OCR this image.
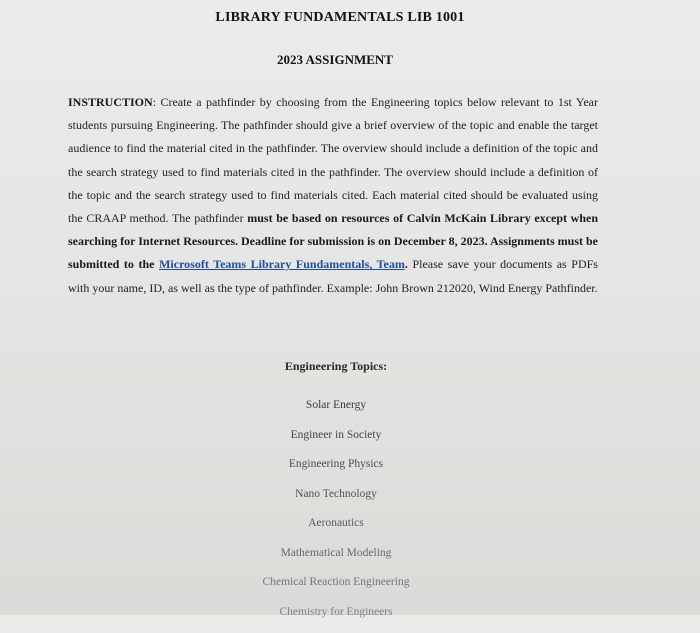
LIBRARY FUNDAMENTALS LIB 1001
2023 ASSIGNMENT
INSTRUCTION: Create a pathfinder by choosing from the Engineering topics below relevant to 1st Year students pursuing Engineering. The pathfinder should give a brief overview of the topic and enable the target audience to find the material cited in the pathfinder. The overview should include a definition of the topic and the search strategy used to find materials cited in the pathfinder. The overview should include a definition of the topic and the search strategy used to find materials cited. Each material cited should be evaluated using the CRAAP method. The pathfinder must be based on resources of Calvin McKain Library except when searching for Internet Resources. Deadline for submission is on December 8, 2023. Assignments must be submitted to the Microsoft Teams Library Fundamentals, Team. Please save your documents as PDFs with your name, ID, as well as the type of pathfinder. Example: John Brown 212020, Wind Energy Pathfinder.
Engineering Topics:
Solar Energy
Engineer in Society
Engineering Physics
Nano Technology
Aeronautics
Mathematical Modeling
Chemical Reaction Engineering
Chemistry for Engineers
